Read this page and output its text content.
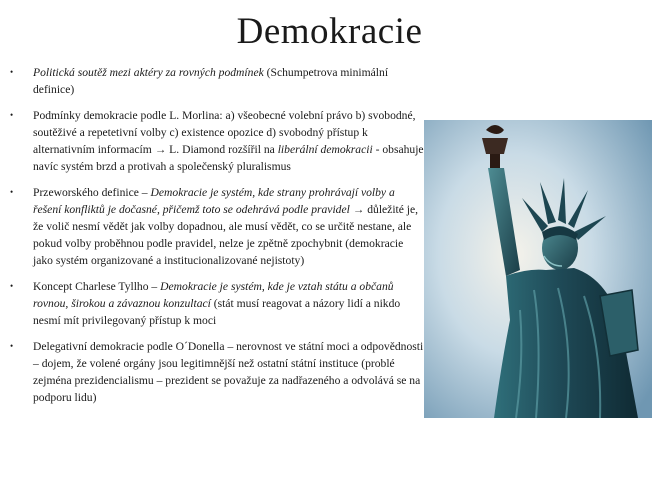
Demokracie
• Politická soutěž mezi aktéry za rovných podmínek (Schumpetrova minimální definice)
• Podmínky demokracie podle L. Morlina: a) všeobecné volební právo b) svobodné, soutěživé a repetetivní volby c) existence opozice d) svobodný přístup k alternativním informacím → L. Diamond rozšířil na liberální demokracii - obsahuje navíc systém brzd a protivah a společenský pluralismus
• Przeworského definice – Demokracie je systém, kde strany prohrávají volby a řešení konfliktů je dočasné, přičemž toto se odehrává podle pravidel → důležité je, že volič nesmí vědět jak volby dopadnou, ale musí vědět, co se určitě nestane, ale pokud volby proběhnou podle pravidel, nelze je zpětně zpochybnit (demokracie jako systém organizované a institucionalizované nejistoty)
• Koncept Charlese Tyllho – Demokracie je systém, kde je vztah státu a občanů rovnou, širokou a závaznou konzultací (stát musí reagovat a názory lidí a nikdo nesmí mít privilegovaný přístup k moci
• Delegativní demokracie podle O´Donella – nerovnost ve státní moci a odpovědnosti – dojem, že volené orgány jsou legitimnější než ostatní státní instituce (problé zejména prezidencialismu – prezident se považuje za nadřazeného a odvolává se na podporu lidu)
